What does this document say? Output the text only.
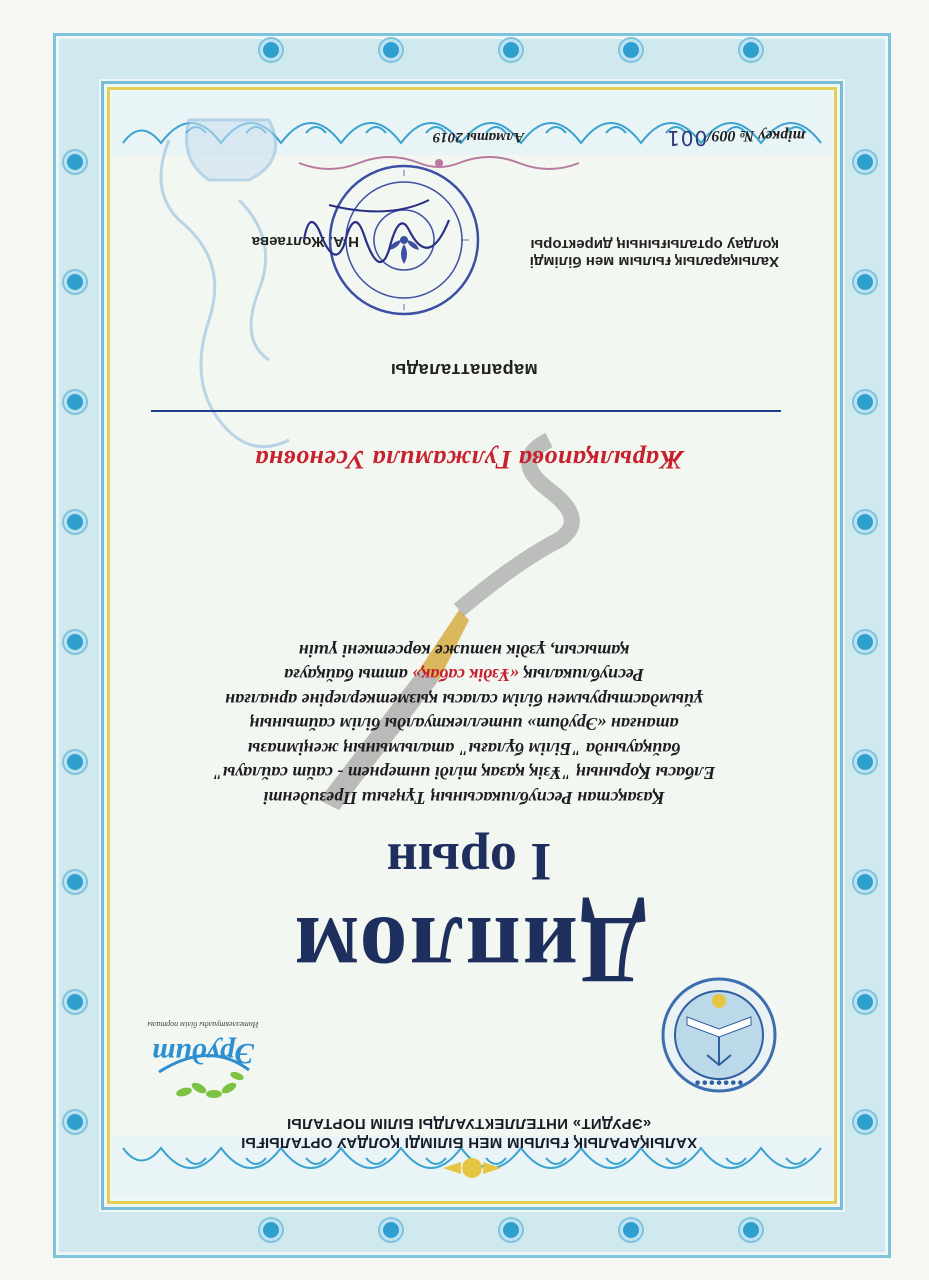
ХАЛЫҚАРАЛЫҚ ҒЫЛЫМ МЕН БІЛІМДІ ҚОЛДАУ ОРТАЛЫҒЫ
«ЭРУДИТ» ИНТЕЛЛЕКТУАЛДЫ БІЛІМ ПОРТАЛЫ
● ● ● ● ● ● ●
Эрудит
Интеллектуалды білім порталы
Диплом
I орын
Қазақстан Республикасының Тұңғыш Президенті
Елбасы Қорының "Ұзіқ қазақ тілді интернет - сайт сайлауы"
байқауында "Білім бұлағы" аталымының жеңімпазы
атанған «Эрудит» интеллектуалды білім сайтының
ұйымдастыруымен білім саласы қызметкерлеріне арналған
Республикалық «Ұздік сабақ» атты байқауға
қатысып, ұздік нәтиже көрсеткені үшін
Жарылқапова Гулжамила Усеновна
марапатталады
Халықаралық ғылым мен білімді
қолдау орталығының директоры
Н.А. Жолтаева
тіркеу № 009/001
Алматы 2019
